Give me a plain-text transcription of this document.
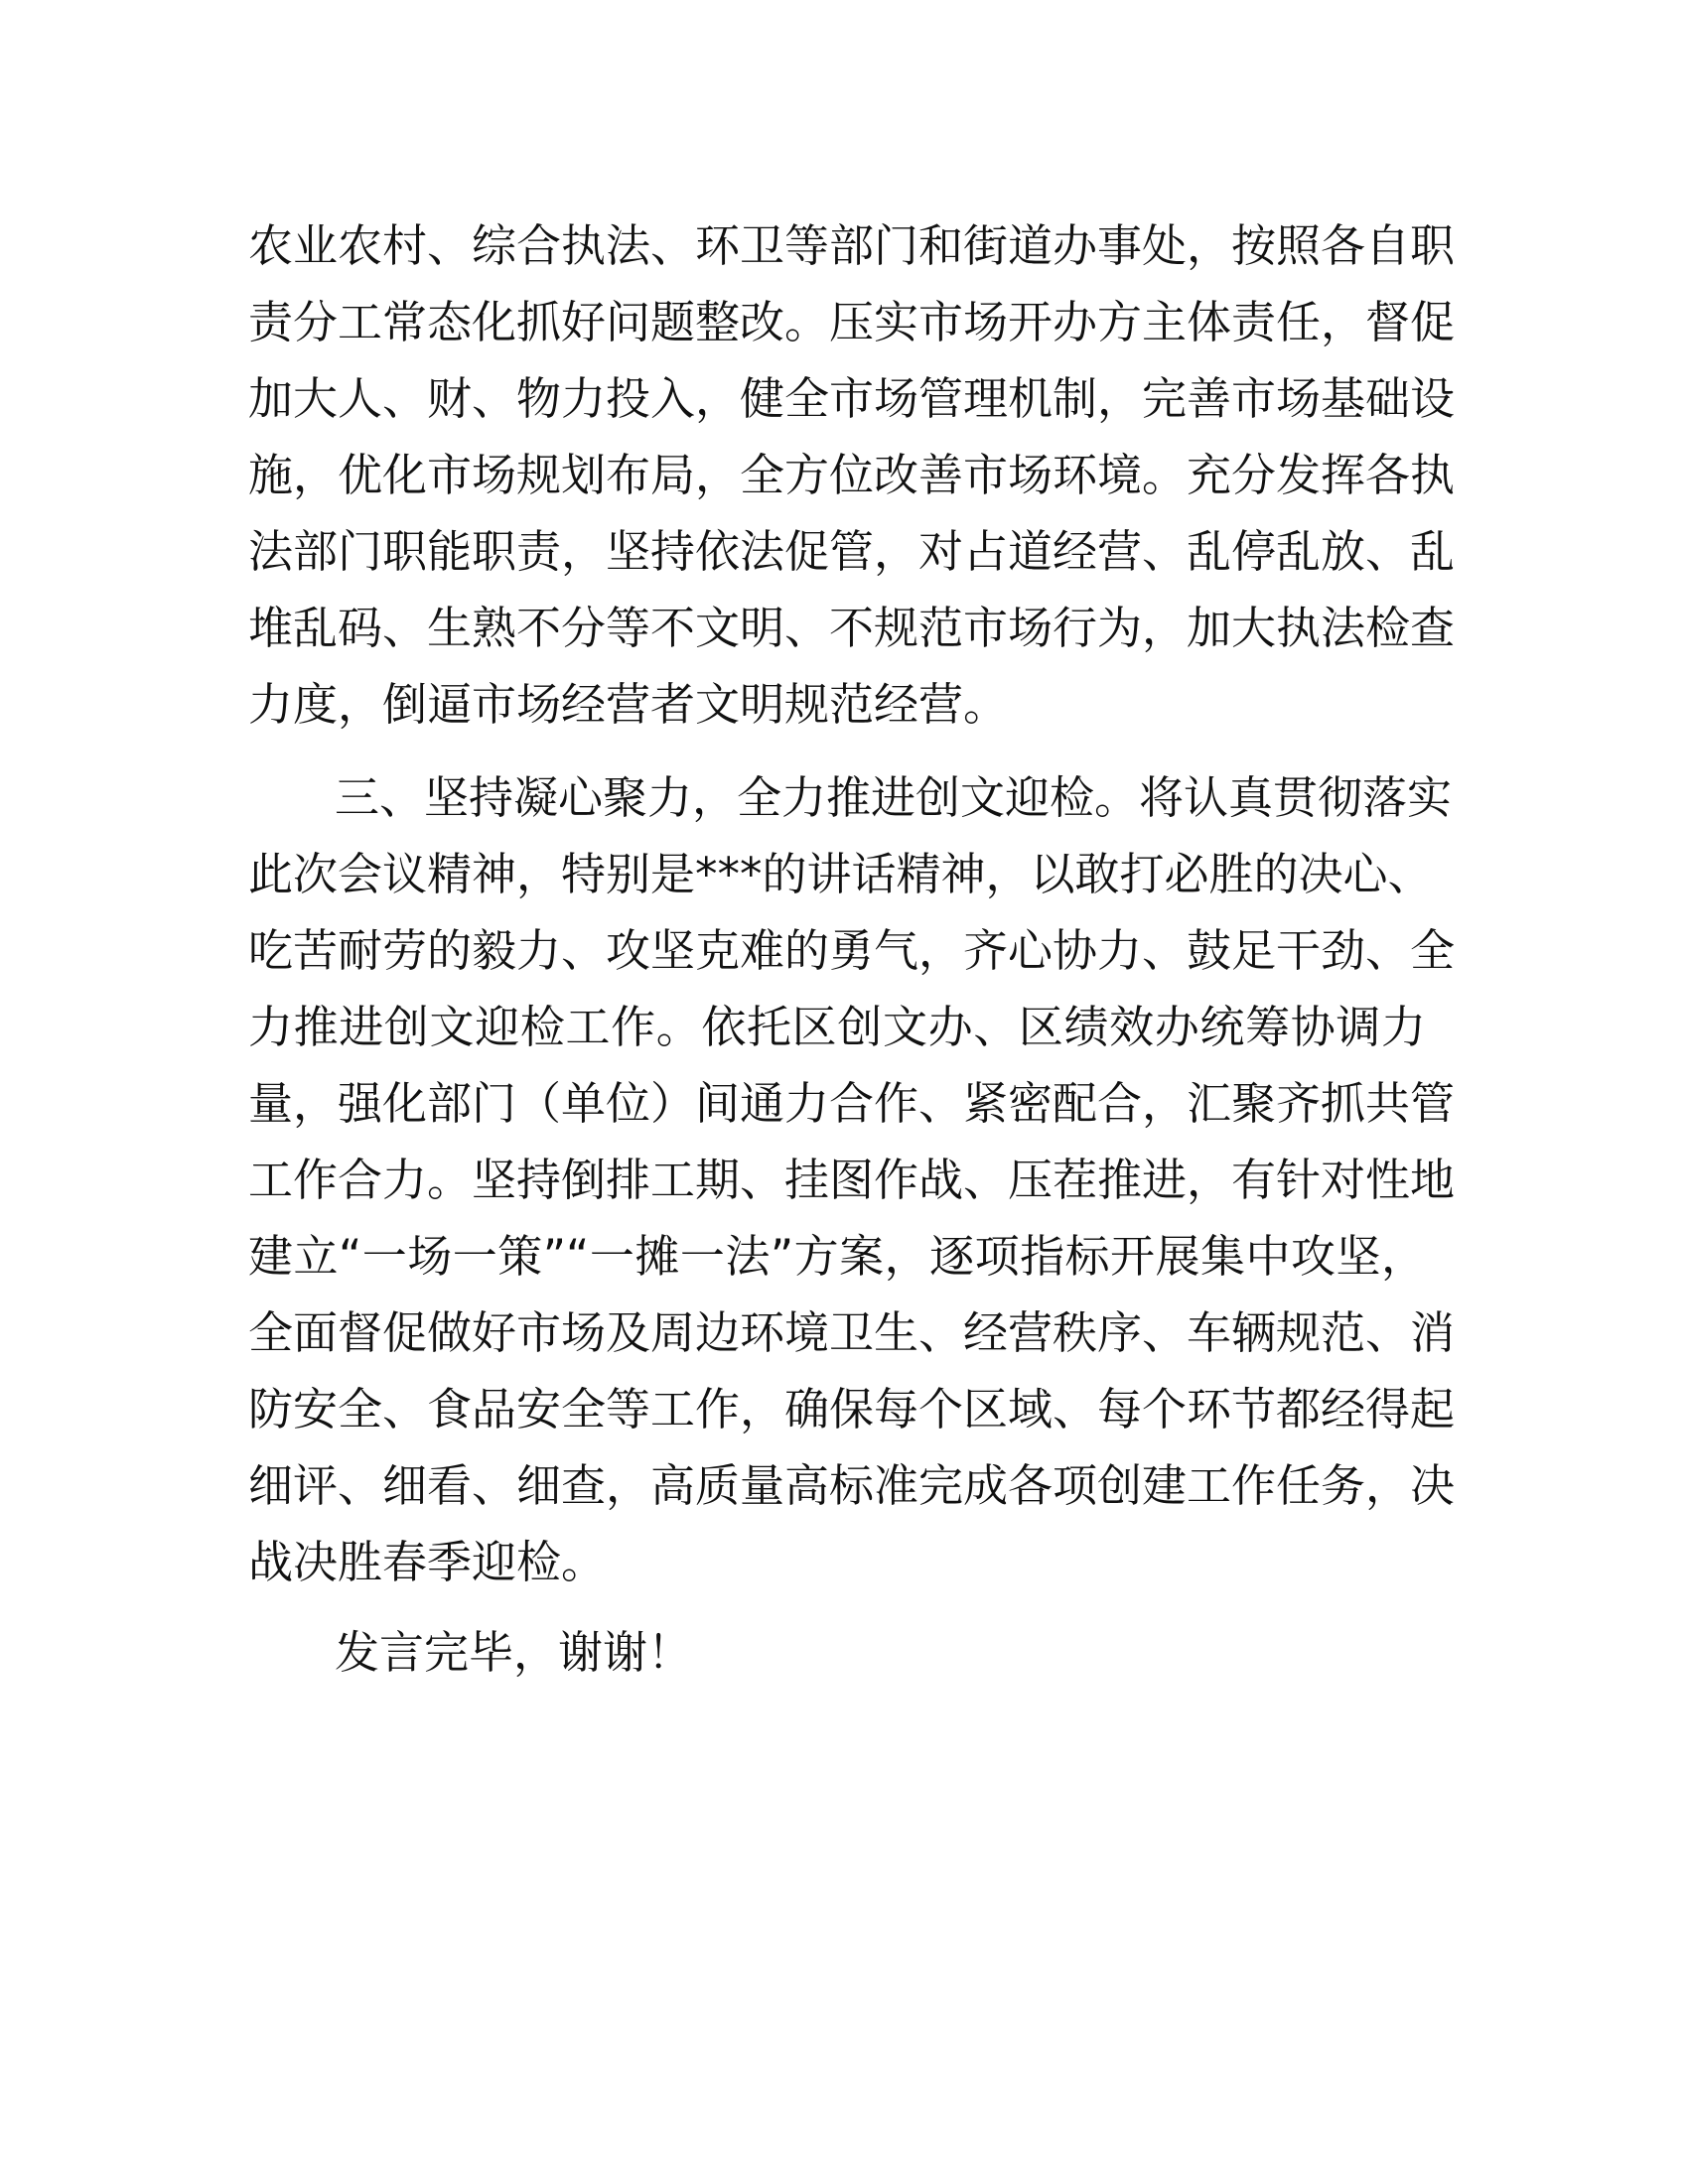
农业农村、综合执法、环卫等部门和街道办事处，按照各自职
责分工常态化抓好问题整改。压实市场开办方主体责任，督促
加大人、财、物力投入，健全市场管理机制，完善市场基础设
施，优化市场规划布局，全方位改善市场环境。充分发挥各执
法部门职能职责，坚持依法促管，对占道经营、乱停乱放、乱
堆乱码、生熟不分等不文明、不规范市场行为，加大执法检查
力度，倒逼市场经营者文明规范经营。
三、坚持凝心聚力，全力推进创文迎检。将认真贯彻落实
此次会议精神，特别是***的讲话精神，以敢打必胜的决心、
吃苦耐劳的毅力、攻坚克难的勇气，齐心协力、鼓足干劲、全
力推进创文迎检工作。依托区创文办、区绩效办统筹协调力
量，强化部门（单位）间通力合作、紧密配合，汇聚齐抓共管
工作合力。坚持倒排工期、挂图作战、压茬推进，有针对性地
建立“一场一策”“一摊一法”方案，逐项指标开展集中攻坚，
全面督促做好市场及周边环境卫生、经营秩序、车辆规范、消
防安全、食品安全等工作，确保每个区域、每个环节都经得起
细评、细看、细查，高质量高标准完成各项创建工作任务，决
战决胜春季迎检。
发言完毕，谢谢！
